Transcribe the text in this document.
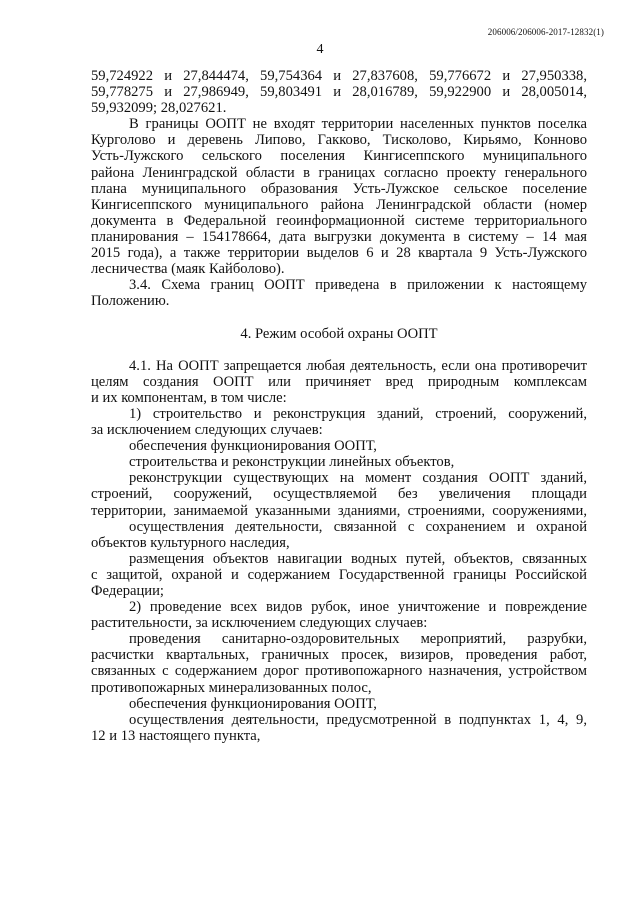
206006/206006-2017-12832(1)
4
59,724922 и 27,844474, 59,754364 и 27,837608, 59,776672 и 27,950338,
59,778275 и 27,986949, 59,803491 и 28,016789, 59,922900 и 28,005014,
59,932099; 28,027621.
В границы ООПТ не входят территории населенных пунктов поселка
Курголово и деревень Липово, Гакково, Тисколово, Кирьямо, Конново
Усть-Лужского сельского поселения Кингисеппского муниципального
района Ленинградской области в границах согласно проекту генерального
плана муниципального образования Усть-Лужское сельское поселение
Кингисеппского муниципального района Ленинградской области (номер
документа в Федеральной геоинформационной системе территориального
планирования – 154178664, дата выгрузки документа в систему – 14 мая
2015 года), а также территории выделов 6 и 28 квартала 9 Усть-Лужского
лесничества (маяк Кайболово).
3.4. Схема границ ООПТ приведена в приложении к настоящему
Положению.
4. Режим особой охраны ООПТ
4.1. На ООПТ запрещается любая деятельность, если она противоречит
целям создания ООПТ или причиняет вред природным комплексам
и их компонентам, в том числе:
1) строительство и реконструкция зданий, строений, сооружений,
за исключением следующих случаев:
обеспечения функционирования ООПТ,
строительства и реконструкции линейных объектов,
реконструкции существующих на момент создания ООПТ зданий,
строений, сооружений, осуществляемой без увеличения площади
территории, занимаемой указанными зданиями, строениями, сооружениями,
осуществления деятельности, связанной с сохранением и охраной
объектов культурного наследия,
размещения объектов навигации водных путей, объектов, связанных
с защитой, охраной и содержанием Государственной границы Российской
Федерации;
2) проведение всех видов рубок, иное уничтожение и повреждение
растительности, за исключением следующих случаев:
проведения санитарно-оздоровительных мероприятий, разрубки,
расчистки квартальных, граничных просек, визиров, проведения работ,
связанных с содержанием дорог противопожарного назначения, устройством
противопожарных минерализованных полос,
обеспечения функционирования ООПТ,
осуществления деятельности, предусмотренной в подпунктах 1, 4, 9,
12 и 13 настоящего пункта,
